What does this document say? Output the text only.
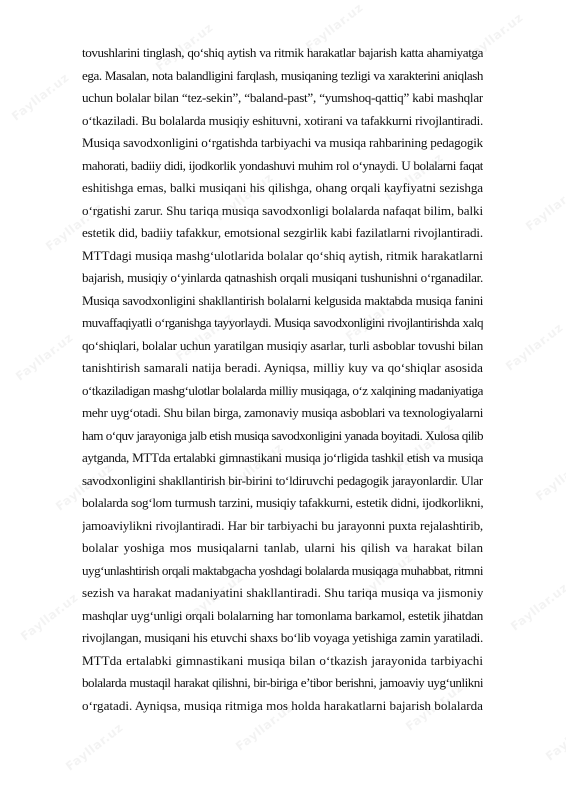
tovushlarini tinglash, qo‘shiq aytish va ritmik harakatlar bajarish katta ahamiyatga
ega. Masalan, nota balandligini farqlash, musiqaning tezligi va xarakterini aniqlash
uchun bolalar bilan “tez-sekin”, “baland-past”, “yumshoq-qattiq” kabi mashqlar
o‘tkaziladi. Bu bolalarda musiqiy eshituvni, xotirani va tafakkurni rivojlantiradi.
Musiqa savodxonligini o‘rgatishda tarbiyachi va musiqa rahbarining pedagogik
mahorati, badiiy didi, ijodkorlik yondashuvi muhim rol o‘ynaydi. U bolalarni faqat
eshitishga emas, balki musiqani his qilishga, ohang orqali kayfiyatni sezishga
o‘rgatishi zarur. Shu tariqa musiqa savodxonligi bolalarda nafaqat bilim, balki
estetik did, badiiy tafakkur, emotsional sezgirlik kabi fazilatlarni rivojlantiradi.
MTTdagi musiqa mashg‘ulotlarida bolalar qo‘shiq aytish, ritmik harakatlarni
bajarish, musiqiy o‘yinlarda qatnashish orqali musiqani tushunishni o‘rganadilar.
Musiqa savodxonligini shakllantirish bolalarni kelgusida maktabda musiqa fanini
muvaffaqiyatli o‘rganishga tayyorlaydi. Musiqa savodxonligini rivojlantirishda xalq
qo‘shiqlari, bolalar uchun yaratilgan musiqiy asarlar, turli asboblar tovushi bilan
tanishtirish samarali natija beradi. Ayniqsa, milliy kuy va qo‘shiqlar asosida
o‘tkaziladigan mashg‘ulotlar bolalarda milliy musiqaga, o‘z xalqining madaniyatiga
mehr uyg‘otadi. Shu bilan birga, zamonaviy musiqa asboblari va texnologiyalarni
ham o‘quv jarayoniga jalb etish musiqa savodxonligini yanada boyitadi. Xulosa qilib
aytganda, MTTda ertalabki gimnastikani musiqa jo‘rligida tashkil etish va musiqa
savodxonligini shakllantirish bir-birini to‘ldiruvchi pedagogik jarayonlardir. Ular
bolalarda sog‘lom turmush tarzini, musiqiy tafakkurni, estetik didni, ijodkorlikni,
jamoaviylikni rivojlantiradi. Har bir tarbiyachi bu jarayonni puxta rejalashtirib,
bolalar yoshiga mos musiqalarni tanlab, ularni his qilish va harakat bilan
uyg‘unlashtirish orqali maktabgacha yoshdagi bolalarda musiqaga muhabbat, ritmni
sezish va harakat madaniyatini shakllantiradi. Shu tariqa musiqa va jismoniy
mashqlar uyg‘unligi orqali bolalarning har tomonlama barkamol, estetik jihatdan
rivojlangan, musiqani his etuvchi shaxs bo‘lib voyaga yetishiga zamin yaratiladi.
MTTda ertalabki gimnastikani musiqa bilan o‘tkazish jarayonida tarbiyachi
bolalarda mustaqil harakat qilishni, bir-biriga e’tibor berishni, jamoaviy uyg‘unlikni
o‘rgatadi. Ayniqsa, musiqa ritmiga mos holda harakatlarni bajarish bolalarda
